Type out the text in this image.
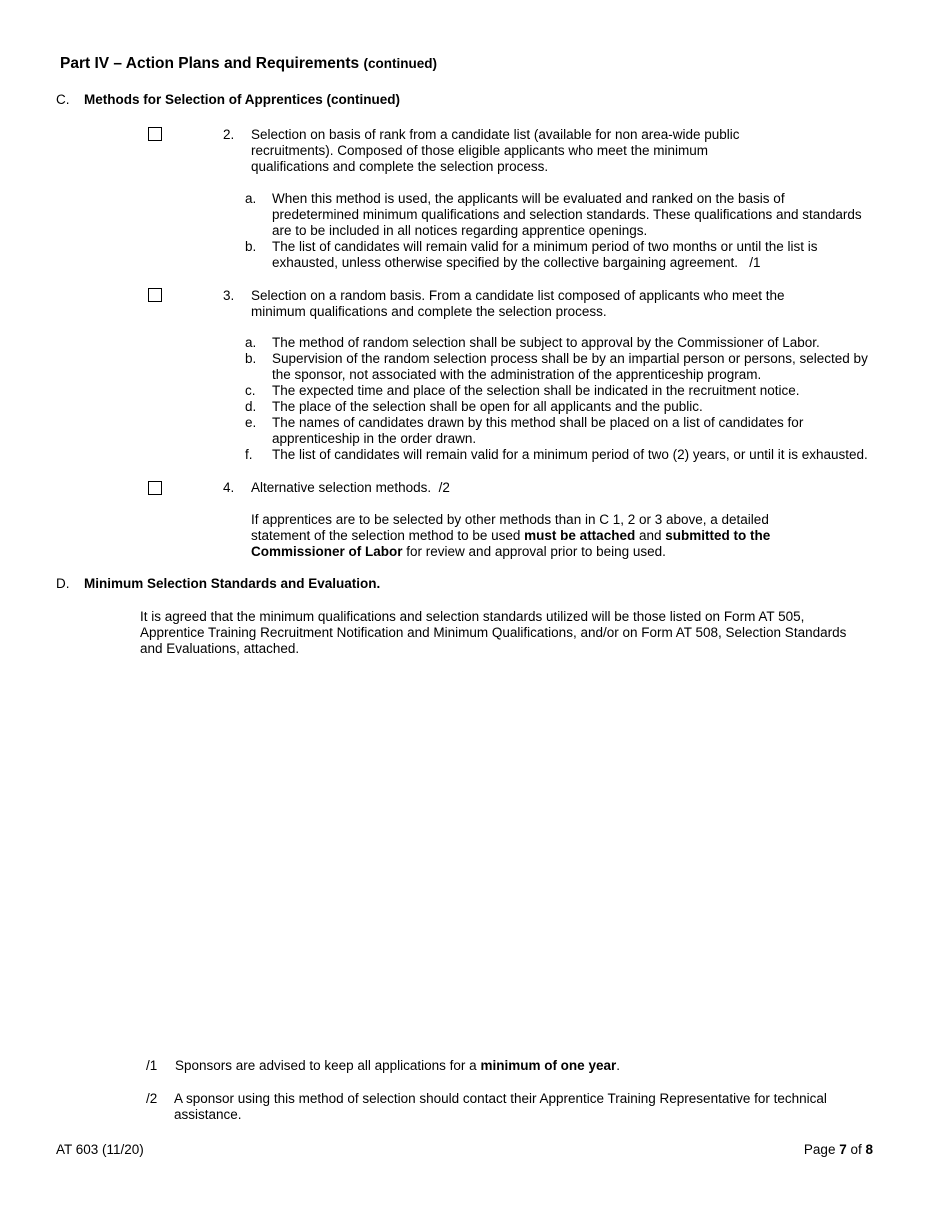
Part IV – Action Plans and Requirements (continued)
C. Methods for Selection of Apprentices (continued)
2. Selection on basis of rank from a candidate list (available for non area-wide public
recruitments). Composed of those eligible applicants who meet the minimum
qualifications and complete the selection process.
a. When this method is used, the applicants will be evaluated and ranked on the basis of
predetermined minimum qualifications and selection standards. These qualifications and standards
are to be included in all notices regarding apprentice openings.
b. The list of candidates will remain valid for a minimum period of two months or until the list is
exhausted, unless otherwise specified by the collective bargaining agreement.   /1
3. Selection on a random basis. From a candidate list composed of applicants who meet the
minimum qualifications and complete the selection process.
a. The method of random selection shall be subject to approval by the Commissioner of Labor.
b. Supervision of the random selection process shall be by an impartial person or persons, selected by
the sponsor, not associated with the administration of the apprenticeship program.
c. The expected time and place of the selection shall be indicated in the recruitment notice.
d. The place of the selection shall be open for all applicants and the public.
e. The names of candidates drawn by this method shall be placed on a list of candidates for
apprenticeship in the order drawn.
f. The list of candidates will remain valid for a minimum period of two (2) years, or until it is exhausted.
4. Alternative selection methods.  /2
If apprentices are to be selected by other methods than in C 1, 2 or 3 above, a detailed
statement of the selection method to be used must be attached and submitted to the
Commissioner of Labor for review and approval prior to being used.
D. Minimum Selection Standards and Evaluation.
It is agreed that the minimum qualifications and selection standards utilized will be those listed on Form AT 505,
Apprentice Training Recruitment Notification and Minimum Qualifications, and/or on Form AT 508, Selection Standards
and Evaluations, attached.
/1 Sponsors are advised to keep all applications for a minimum of one year.
/2 A sponsor using this method of selection should contact their Apprentice Training Representative for technical
assistance.
AT 603 (11/20)	Page 7 of 8
